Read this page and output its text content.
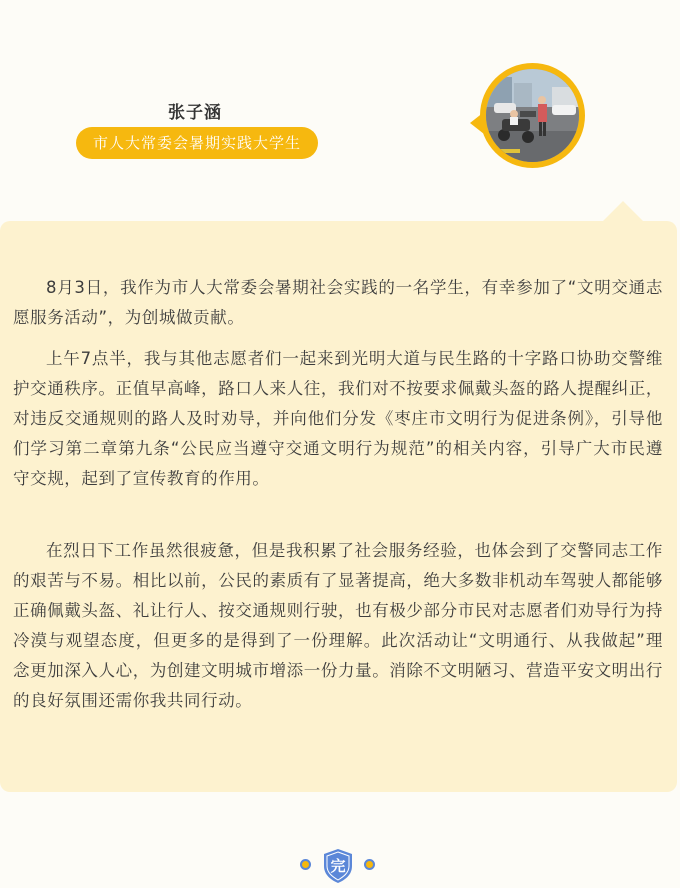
张子涵
市人大常委会暑期实践大学生

8月3日，我作为市人大常委会暑期社会实践的一名学生，有幸参加了“文明交通志愿服务活动”，为创城做贡献。

上午7点半，我与其他志愿者们一起来到光明大道与民生路的十字路口协助交警维护交通秩序。正值早高峰，路口人来人往，我们对不按要求佩戴头盔的路人提醒纠正，对违反交通规则的路人及时劝导，并向他们分发《枣庄市文明行为促进条例》，引导他们学习第二章第九条“公民应当遵守交通文明行为规范”的相关内容，引导广大市民遵守交规，起到了宣传教育的作用。

在烈日下工作虽然很疲惫，但是我积累了社会服务经验，也体会到了交警同志工作的艰苦与不易。相比以前，公民的素质有了显著提高，绝大多数非机动车驾驶人都能够正确佩戴头盔、礼让行人、按交通规则行驶，也有极少部分市民对志愿者们劝导行为持冷漠与观望态度，但更多的是得到了一份理解。此次活动让“文明通行、从我做起”理念更加深入人心，为创建文明城市增添一份力量。消除不文明陋习、营造平安文明出行的良好氛围还需你我共同行动。

完
